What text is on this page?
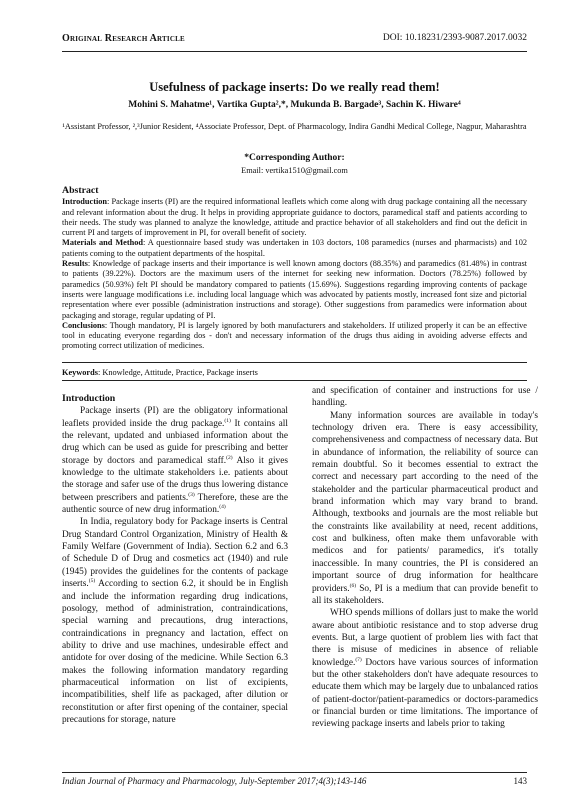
Original Research Article	DOI: 10.18231/2393-9087.2017.0032
Usefulness of package inserts: Do we really read them!
Mohini S. Mahatme¹, Vartika Gupta²,*, Mukunda B. Bargade³, Sachin K. Hiware⁴
¹Assistant Professor, ²,³Junior Resident, ⁴Associate Professor, Dept. of Pharmacology, Indira Gandhi Medical College, Nagpur, Maharashtra
*Corresponding Author:
Email: vertika1510@gmail.com
Abstract

Introduction: Package inserts (PI) are the required informational leaflets which come along with drug package containing all the necessary and relevant information about the drug. It helps in providing appropriate guidance to doctors, paramedical staff and patients according to their needs. The study was planned to analyze the knowledge, attitude and practice behavior of all stakeholders and find out the deficit in current PI and targets of improvement in PI, for overall benefit of society.

Materials and Method: A questionnaire based study was undertaken in 103 doctors, 108 paramedics (nurses and pharmacists) and 102 patients coming to the outpatient departments of the hospital.

Results: Knowledge of package inserts and their importance is well known among doctors (88.35%) and paramedics (81.48%) in contrast to patients (39.22%). Doctors are the maximum users of the internet for seeking new information. Doctors (78.25%) followed by paramedics (50.93%) felt PI should be mandatory compared to patients (15.69%). Suggestions regarding improving contents of package inserts were language modifications i.e. including local language which was advocated by patients mostly, increased font size and pictorial representation where ever possible (administration instructions and storage). Other suggestions from paramedics were information about packaging and storage, regular updating of PI.

Conclusions: Though mandatory, PI is largely ignored by both manufacturers and stakeholders. If utilized properly it can be an effective tool in educating everyone regarding dos - don't and necessary information of the drugs thus aiding in avoiding adverse effects and promoting correct utilization of medicines.

Keywords: Knowledge, Attitude, Practice, Package inserts

Introduction

Package inserts (PI) are the obligatory informational leaflets provided inside the drug package.$^{(1)}$ It contains all the relevant, updated and unbiased information about the drug which can be used as guide for prescribing and better storage by doctors and paramedical staff.$^{(2)}$ Also it gives knowledge to the ultimate stakeholders i.e. patients about the storage and safer use of the drugs thus lowering distance between prescribers and patients.$^{(3)}$ Therefore, these are the authentic source of new drug information.$^{(4)}$

In India, regulatory body for Package inserts is Central Drug Standard Control Organization, Ministry of Health & Family Welfare (Government of India). Section 6.2 and 6.3 of Schedule D of Drug and cosmetics act (1940) and rule (1945) provides the guidelines for the contents of package inserts.$^{(5)}$ According to section 6.2, it should be in English and include the information regarding drug indications, posology, method of administration, contraindications, special warning and precautions, drug interactions, contraindications in pregnancy and lactation, effect on ability to drive and use machines, undesirable effect and antidote for over dosing of the medicine. While Section 6.3 makes the following information mandatory regarding pharmaceutical information on list of excipients, incompatibilities, shelf life as packaged, after dilution or reconstitution or after first opening of the container, special precautions for storage, nature

and specification of container and instructions for use / handling.

Many information sources are available in today's technology driven era. There is easy accessibility, comprehensiveness and compactness of necessary data. But in abundance of information, the reliability of source can remain doubtful. So it becomes essential to extract the correct and necessary part according to the need of the stakeholder and the particular pharmaceutical product and brand information which may vary brand to brand. Although, textbooks and journals are the most reliable but the constraints like availability at need, recent additions, cost and bulkiness, often make them unfavorable with medicos and for patients/ paramedics, it's totally inaccessible. In many countries, the PI is considered an important source of drug information for healthcare providers.$^{(6)}$ So, PI is a medium that can provide benefit to all its stakeholders.

WHO spends millions of dollars just to make the world aware about antibiotic resistance and to stop adverse drug events. But, a large quotient of problem lies with fact that there is misuse of medicines in absence of reliable knowledge.$^{(7)}$ Doctors have various sources of information but the other stakeholders don't have adequate resources to educate them which may be largely due to unbalanced ratios of patient-doctor/patient-paramedics or doctors-paramedics or financial burden or time limitations. The importance of reviewing package inserts and labels prior to taking

Indian Journal of Pharmacy and Pharmacology, July-September 2017;4(3);143-146	143
